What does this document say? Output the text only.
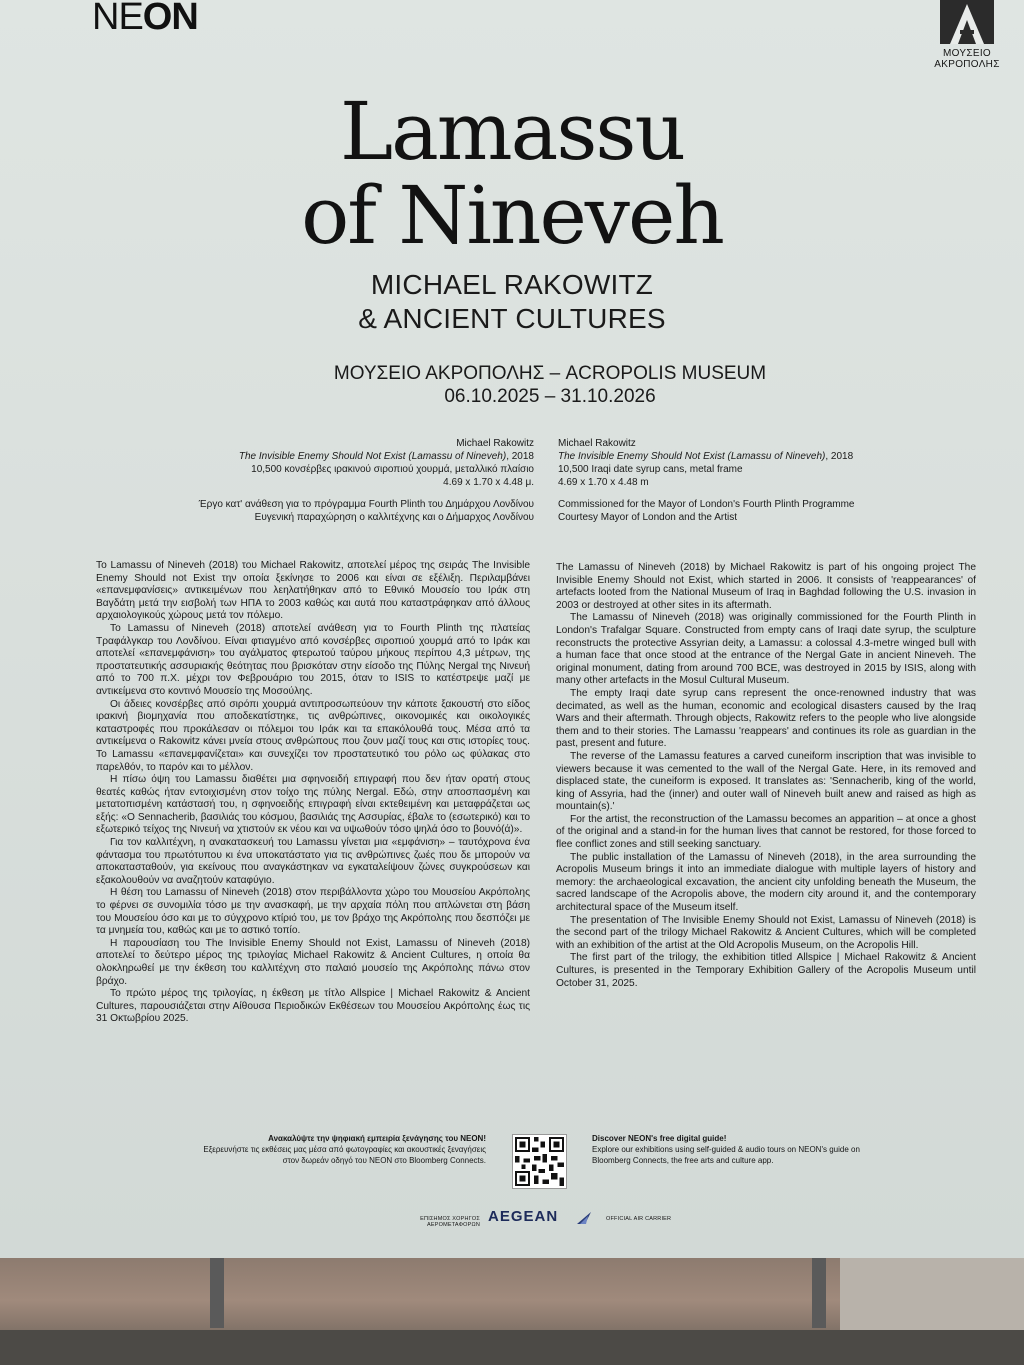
NEON
ΜΟΥΣΕΙΟ ΑΚΡΟΠΟΛΗΣ
Lamassu
of Nineveh
MICHAEL RAKOWITZ
& ANCIENT CULTURES
ΜΟΥΣΕΙΟ ΑΚΡΟΠΟΛΗΣ – ACROPOLIS MUSEUM
06.10.2025 – 31.10.2026
Michael Rakowitz
The Invisible Enemy Should Not Exist (Lamassu of Nineveh), 2018
10,500 κονσέρβες ιρακινού σιροπιού χουρμά, μεταλλικό πλαίσιο
4.69 x 1.70 x 4.48 μ.
Έργο κατ' ανάθεση για το πρόγραμμα Fourth Plinth του Δημάρχου Λονδίνου
Ευγενική παραχώρηση ο καλλιτέχνης και ο Δήμαρχος Λονδίνου
Michael Rakowitz
The Invisible Enemy Should Not Exist (Lamassu of Nineveh), 2018
10,500 Iraqi date syrup cans, metal frame
4.69 x 1.70 x 4.48 m
Commissioned for the Mayor of London's Fourth Plinth Programme
Courtesy Mayor of London and the Artist

Το Lamassu of Nineveh (2018) του Michael Rakowitz, αποτελεί μέρος της σειράς The Invisible Enemy Should not Exist την οποία ξεκίνησε το 2006 και είναι σε εξέλιξη. Περιλαμβάνει «επανεμφανίσεις» αντικειμένων που λεηλατήθηκαν από το Εθνικό Μουσείο του Ιράκ στη Βαγδάτη μετά την εισβολή των ΗΠΑ το 2003 καθώς και αυτά που καταστράφηκαν από άλλους αρχαιολογικούς χώρους μετά τον πόλεμο.

Το Lamassu of Nineveh (2018) αποτελεί ανάθεση για το Fourth Plinth της πλατείας Τραφάλγκαρ του Λονδίνου. Είναι φτιαγμένο από κονσέρβες σιροπιού χουρμά από το Ιράκ και αποτελεί «επανεμφάνιση» του αγάλματος φτερωτού ταύρου μήκους περίπου 4,3 μέτρων, της προστατευτικής ασσυριακής θεότητας που βρισκόταν στην είσοδο της Πύλης Nergal της Νινευή από το 700 π.Χ. μέχρι τον Φεβρουάριο του 2015, όταν το ISIS το κατέστρεψε μαζί με αντικείμενα στο κοντινό Μουσείο της Μοσούλης.

Οι άδειες κονσέρβες από σιρόπι χουρμά αντιπροσωπεύουν την κάποτε ξακουστή στο είδος ιρακινή βιομηχανία που αποδεκατίστηκε, τις ανθρώπινες, οικονομικές και οικολογικές καταστροφές που προκάλεσαν οι πόλεμοι του Ιράκ και τα επακόλουθά τους. Μέσα από τα αντικείμενα ο Rakowitz κάνει μνεία στους ανθρώπους που ζουν μαζί τους και στις ιστορίες τους. Το Lamassu «επανεμφανίζεται» και συνεχίζει τον προστατευτικό του ρόλο ως φύλακας στο παρελθόν, το παρόν και το μέλλον.

Η πίσω όψη του Lamassu διαθέτει μια σφηνοειδή επιγραφή που δεν ήταν ορατή στους θεατές καθώς ήταν εντοιχισμένη στον τοίχο της πύλης Nergal. Εδώ, στην αποσπασμένη και μετατοπισμένη κατάστασή του, η σφηνοειδής επιγραφή είναι εκτεθειμένη και μεταφράζεται ως εξής: «Ο Sennacherib, βασιλιάς του κόσμου, βασιλιάς της Ασσυρίας, έβαλε το (εσωτερικό) και το εξωτερικό τείχος της Νινευή να χτιστούν εκ νέου και να υψωθούν τόσο ψηλά όσο το βουνό(ά)».

Για τον καλλιτέχνη, η ανακατασκευή του Lamassu γίνεται μια «εμφάνιση» – ταυτόχρονα ένα φάντασμα του πρωτότυπου κι ένα υποκατάστατο για τις ανθρώπινες ζωές που δε μπορούν να αποκατασταθούν, για εκείνους που αναγκάστηκαν να εγκαταλείψουν ζώνες συγκρούσεων και εξακολουθούν να αναζητούν καταφύγιο.

Η θέση του Lamassu of Nineveh (2018) στον περιβάλλοντα χώρο του Μουσείου Ακρόπολης το φέρνει σε συνομιλία τόσο με την ανασκαφή, με την αρχαία πόλη που απλώνεται στη βάση του Μουσείου όσο και με το σύγχρονο κτίριό του, με τον βράχο της Ακρόπολης που δεσπόζει με τα μνημεία του, καθώς και με το αστικό τοπίο.

Η παρουσίαση του The Invisible Enemy Should not Exist, Lamassu of Nineveh (2018) αποτελεί το δεύτερο μέρος της τριλογίας Michael Rakowitz & Ancient Cultures, η οποία θα ολοκληρωθεί με την έκθεση του καλλιτέχνη στο παλαιό μουσείο της Ακρόπολης πάνω στον βράχο.

Το πρώτο μέρος της τριλογίας, η έκθεση με τίτλο Allspice | Michael Rakowitz & Ancient Cultures, παρουσιάζεται στην Αίθουσα Περιοδικών Εκθέσεων του Μουσείου Ακρόπολης έως τις 31 Οκτωβρίου 2025.

The Lamassu of Nineveh (2018) by Michael Rakowitz is part of his ongoing project The Invisible Enemy Should not Exist, which started in 2006. It consists of 'reappearances' of artefacts looted from the National Museum of Iraq in Baghdad following the U.S. invasion in 2003 or destroyed at other sites in its aftermath.

The Lamassu of Nineveh (2018) was originally commissioned for the Fourth Plinth in London's Trafalgar Square. Constructed from empty cans of Iraqi date syrup, the sculpture reconstructs the protective Assyrian deity, a Lamassu: a colossal 4.3-metre winged bull with a human face that once stood at the entrance of the Nergal Gate in ancient Nineveh. The original monument, dating from around 700 BCE, was destroyed in 2015 by ISIS, along with many other artefacts in the Mosul Cultural Museum.

The empty Iraqi date syrup cans represent the once-renowned industry that was decimated, as well as the human, economic and ecological disasters caused by the Iraq Wars and their aftermath. Through objects, Rakowitz refers to the people who live alongside them and to their stories. The Lamassu 'reappears' and continues its role as guardian in the past, present and future.

The reverse of the Lamassu features a carved cuneiform inscription that was invisible to viewers because it was cemented to the wall of the Nergal Gate. Here, in its removed and displaced state, the cuneiform is exposed. It translates as: 'Sennacherib, king of the world, king of Assyria, had the (inner) and outer wall of Nineveh built anew and raised as high as mountain(s).'

For the artist, the reconstruction of the Lamassu becomes an apparition – at once a ghost of the original and a stand-in for the human lives that cannot be restored, for those forced to flee conflict zones and still seeking sanctuary.

The public installation of the Lamassu of Nineveh (2018), in the area surrounding the Acropolis Museum brings it into an immediate dialogue with multiple layers of history and memory: the archaeological excavation, the ancient city unfolding beneath the Museum, the sacred landscape of the Acropolis above, the modern city around it, and the contemporary architectural space of the Museum itself.

The presentation of The Invisible Enemy Should not Exist, Lamassu of Nineveh (2018) is the second part of the trilogy Michael Rakowitz & Ancient Cultures, which will be completed with an exhibition of the artist at the Old Acropolis Museum, on the Acropolis Hill.

The first part of the trilogy, the exhibition titled Allspice | Michael Rakowitz & Ancient Cultures, is presented in the Temporary Exhibition Gallery of the Acropolis Museum until October 31, 2025.

Ανακαλύψτε την ψηφιακή εμπειρία ξενάγησης του NEON!
Εξερευνήστε τις εκθέσεις μας μέσα από φωτογραφίες και ακουστικές ξεναγήσεις στον δωρεάν οδηγό του NEON στο Bloomberg Connects.
Discover NEON's free digital guide!
Explore our exhibitions using self-guided & audio tours on NEON's guide on Bloomberg Connects, the free arts and culture app.
ΕΠΙΣΗΜΟΣ ΧΟΡΗΓΟΣ ΑΕΡΟΜΕΤΑΦΟΡΩΝ AEGEAN	OFFICIAL AIR CARRIER
